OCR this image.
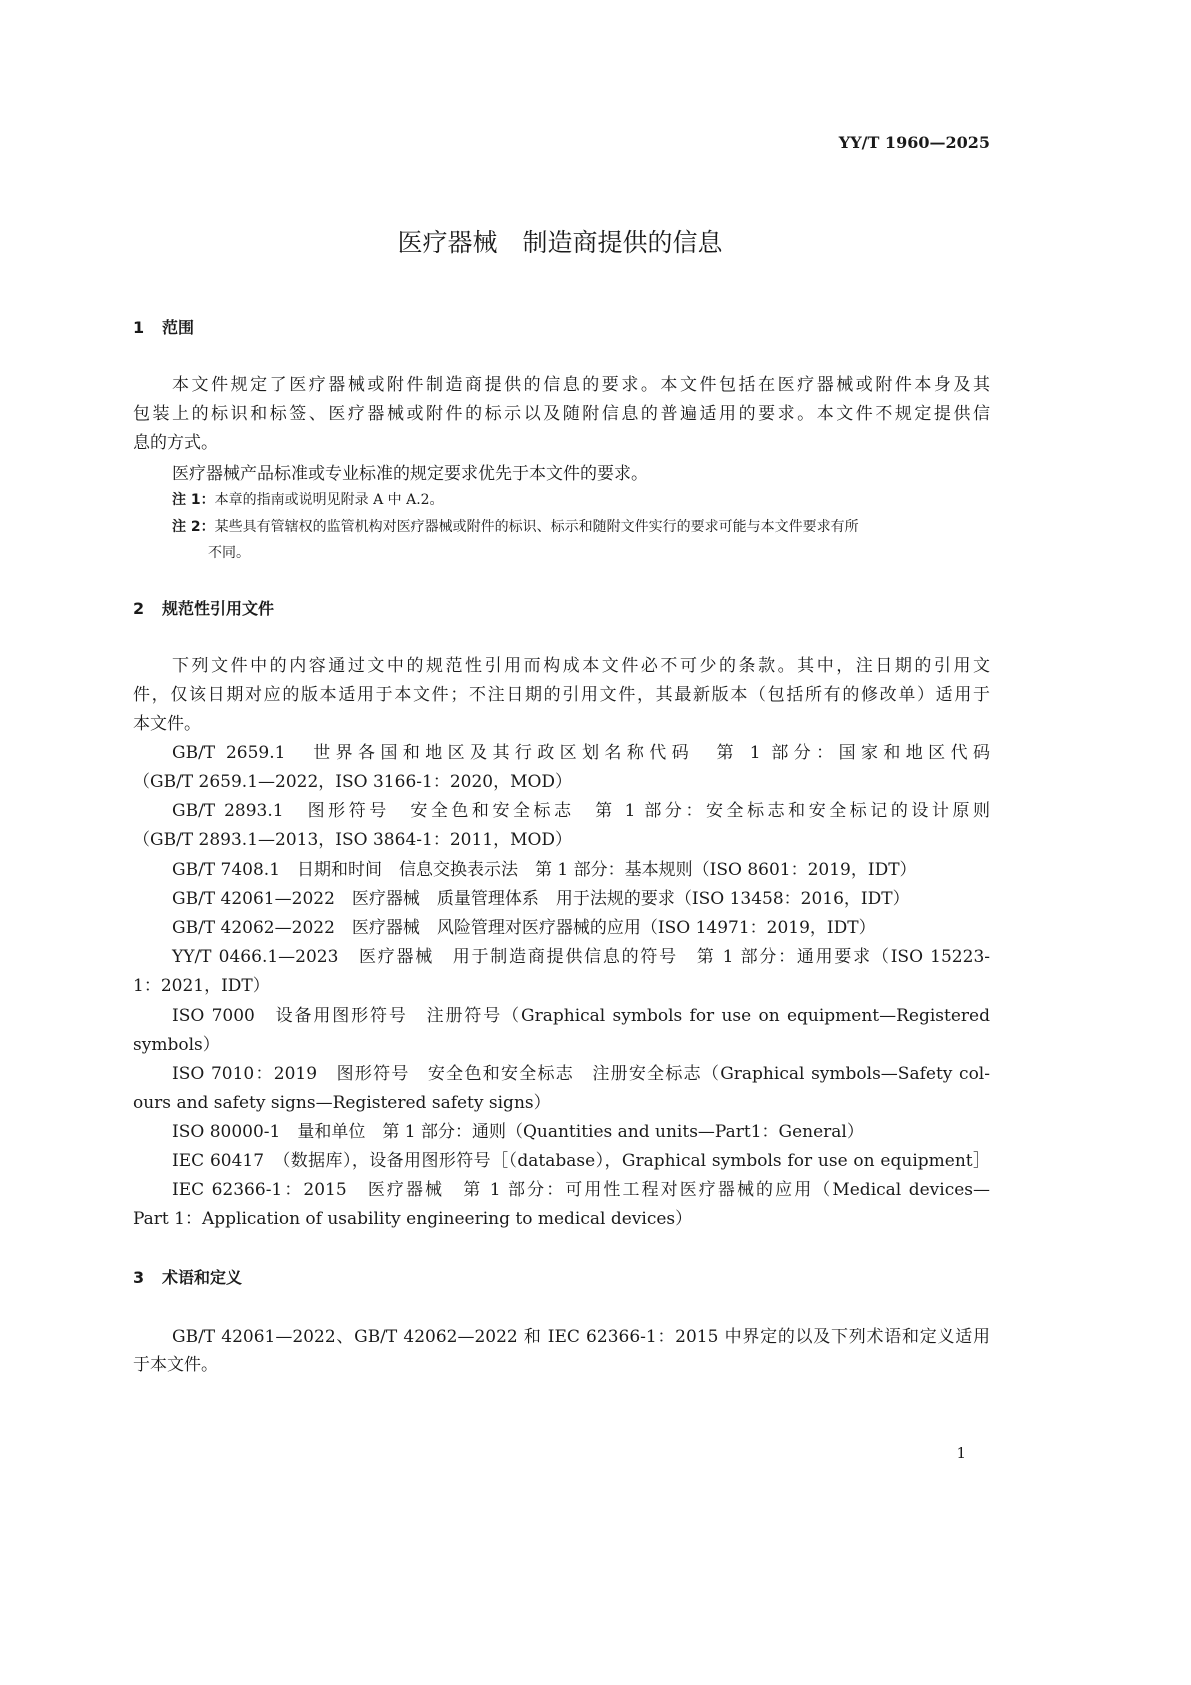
YY/T 1960—2025
医疗器械　制造商提供的信息
1 范围
本文件规定了医疗器械或附件制造商提供的信息的要求。本文件包括在医疗器械或附件本身及其
包装上的标识和标签、医疗器械或附件的标示以及随附信息的普遍适用的要求。本文件不规定提供信
息的方式。
医疗器械产品标准或专业标准的规定要求优先于本文件的要求。
注 1：本章的指南或说明见附录 A 中 A.2。
注 2：某些具有管辖权的监管机构对医疗器械或附件的标识、标示和随附文件实行的要求可能与本文件要求有所
不同。
2 规范性引用文件
下列文件中的内容通过文中的规范性引用而构成本文件必不可少的条款。其中，注日期的引用文
件，仅该日期对应的版本适用于本文件；不注日期的引用文件，其最新版本（包括所有的修改单）适用于
本文件。
GB/T 2659.1　世界各国和地区及其行政区划名称代码　第 1 部分：国家和地区代码
（GB/T 2659.1—2022，ISO 3166-1：2020，MOD）
GB/T 2893.1　图形符号　安全色和安全标志　第 1 部分：安全标志和安全标记的设计原则
（GB/T 2893.1—2013，ISO 3864-1：2011，MOD）
GB/T 7408.1　日期和时间　信息交换表示法　第 1 部分：基本规则（ISO 8601：2019，IDT）
GB/T 42061—2022　医疗器械　质量管理体系　用于法规的要求（ISO 13458：2016，IDT）
GB/T 42062—2022　医疗器械　风险管理对医疗器械的应用（ISO 14971：2019，IDT）
YY/T 0466.1—2023　医疗器械　用于制造商提供信息的符号　第 1 部分：通用要求（ISO 15223-
1：2021，IDT）
ISO 7000　设备用图形符号　注册符号（Graphical symbols for use on equipment—Registered
symbols）
ISO 7010：2019　图形符号　安全色和安全标志　注册安全标志（Graphical symbols—Safety col-
ours and safety signs—Registered safety signs）
ISO 80000-1　量和单位　第 1 部分：通则（Quantities and units—Part1：General）
IEC 60417　（数据库），设备用图形符号［（database），Graphical symbols for use on equipment］
IEC 62366-1：2015　医疗器械　第 1 部分：可用性工程对医疗器械的应用（Medical devices—
Part 1：Application of usability engineering to medical devices）
3 术语和定义
GB/T 42061—2022、GB/T 42062—2022 和 IEC 62366-1：2015 中界定的以及下列术语和定义适用
于本文件。
1
